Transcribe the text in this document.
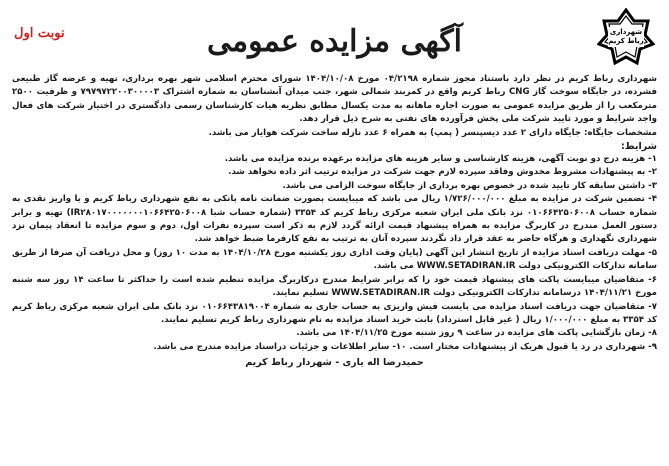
شهرداری
رباط کریم
نوبت اول	آگهی مزایده عمومی
شهرداری رباط کریم در نظر دارد باستناد مجوز شماره ۰۴/۲۱۹۸ مورخ ۱۴۰۴/۱۰/۰۸ شورای محترم اسلامی شهر بهره برداری، تهیه و عرضه گاز طبیعی فشرده، در جایگاه سوخت گاز CNG رباط کریم واقع در کمربند شمالی شهر، جنب میدان آبشناسان به شماره اشتراک ۷۹۷۹۷۲۲۰۰۳۰۰۰۰۳ و ظرفیت ۲۵۰۰ مترمکعب را از طریق مزایده عمومی به صورت اجاره ماهانه به مدت یکسال مطابق نظریه هیات کارشناسان رسمی دادگستری در اختیار شرکت های فعال واجد شرایط و مورد تایید شرکت ملی پخش فرآورده های نفتی به شرح ذیل قرار دهد.
مشخصات جایگاه: جایگاه دارای ۲ عدد دیسپنسر ( پمپ) به همراه ۶ عدد نازله ساخت شرکت هوایار می باشد.
شرایط:

۱- هزینه درج دو نوبت آگهی، هزینه کارشناسی و سایر هزینه های مزایده برعهده برنده مزایده می باشد.

۲- به پیشنهادات مشروط مخدوش وفاقد سپرده لازم جهت شرکت در مزایده ترتیب اثر داده نخواهد شد.

۳- داشتن سابقه کار تایید شده در خصوص بهره برداری از جایگاه سوخت الزامی می باشد.

۴- تضمین شرکت در مزایده به مبلغ ۱/۷۲۶/۰۰۰/۰۰۰ ریال می باشد که میبایست بصورت ضمانت نامه بانکی به نفع شهرداری رباط کریم و یا واریز نقدی به شماره حساب ۰۱۰۶۶۴۲۵۰۶۰۰۸ نزد بانک ملی ایران شعبه مرکزی رباط کریم کد ۳۳۵۴ (شماره حساب شبا IR۲۸۰۱۷۰۰۰۰۰۰۰۱۰۶۶۴۲۵۰۶۰۰۸) تهیه و برابر دستور العمل مندرج در کاربرگ مزایده به همراه پیشنهاد قیمت ارائه گردد لازم به ذکر است سپرده نفرات اول، دوم و سوم مزایده تا انعقاد پیمان نزد شهرداری نگهداری و هرگاه حاضر به عقد قرار داد نگردند سپرده آنان به ترتیب به نفع کارفرما ضبط خواهد شد.

۵- مهلت دریافت اسناد مزایده از تاریخ انتشار این آگهی (پایان وقت اداری روز یکشنبه مورخ ۱۴۰۴/۱۰/۲۸ به مدت ۱۰ روز) و محل دریافت آن صرفا از طریق سامانه تدارکات الکترونیکی دولت WWW.SETADIRAN.IR می باشد.

۶- متقاضیان میبایست پاکت های پیشنهاد قیمت خود را که برابر شرایط مندرج درکاربرگ مزایده تنظیم شده است را حداکثر تا ساعت ۱۴ روز سه شنبه مورخ ۱۴۰۴/۱۱/۲۱ درسامانه تدارکات الکترونیکی دولت WWW.SETADIRAN.IR تسلیم نمایند.

۷- متقاضیان جهت دریافت اسناد مزایده می بایست فیش واریزی به حساب جاری به شماره ۰۱۰۶۶۴۳۸۱۹۰۰۴ نزد بانک ملی ایران شعبه مرکزی رباط کریم کد ۳۳۵۴ به مبلغ ۱/۰۰۰/۰۰۰ ریال ( غیر قابل استرداد) بابت خرید اسناد مزایده به نام شهرداری رباط کریم تسلیم نمایند.

۸- زمان بازگشایی پاکت های مزایده در ساعت ۹ روز شنبه مورخ ۱۴۰۴/۱۱/۲۵ می باشد.

۹- شهرداری در رد یا قبول هریک از پیشنهادات مختار است. ۱۰- سایر اطلاعات و جزئیات دراسناد مزایده مندرج می باشد.

حمیدرضا اله یاری - شهردار رباط کریم
